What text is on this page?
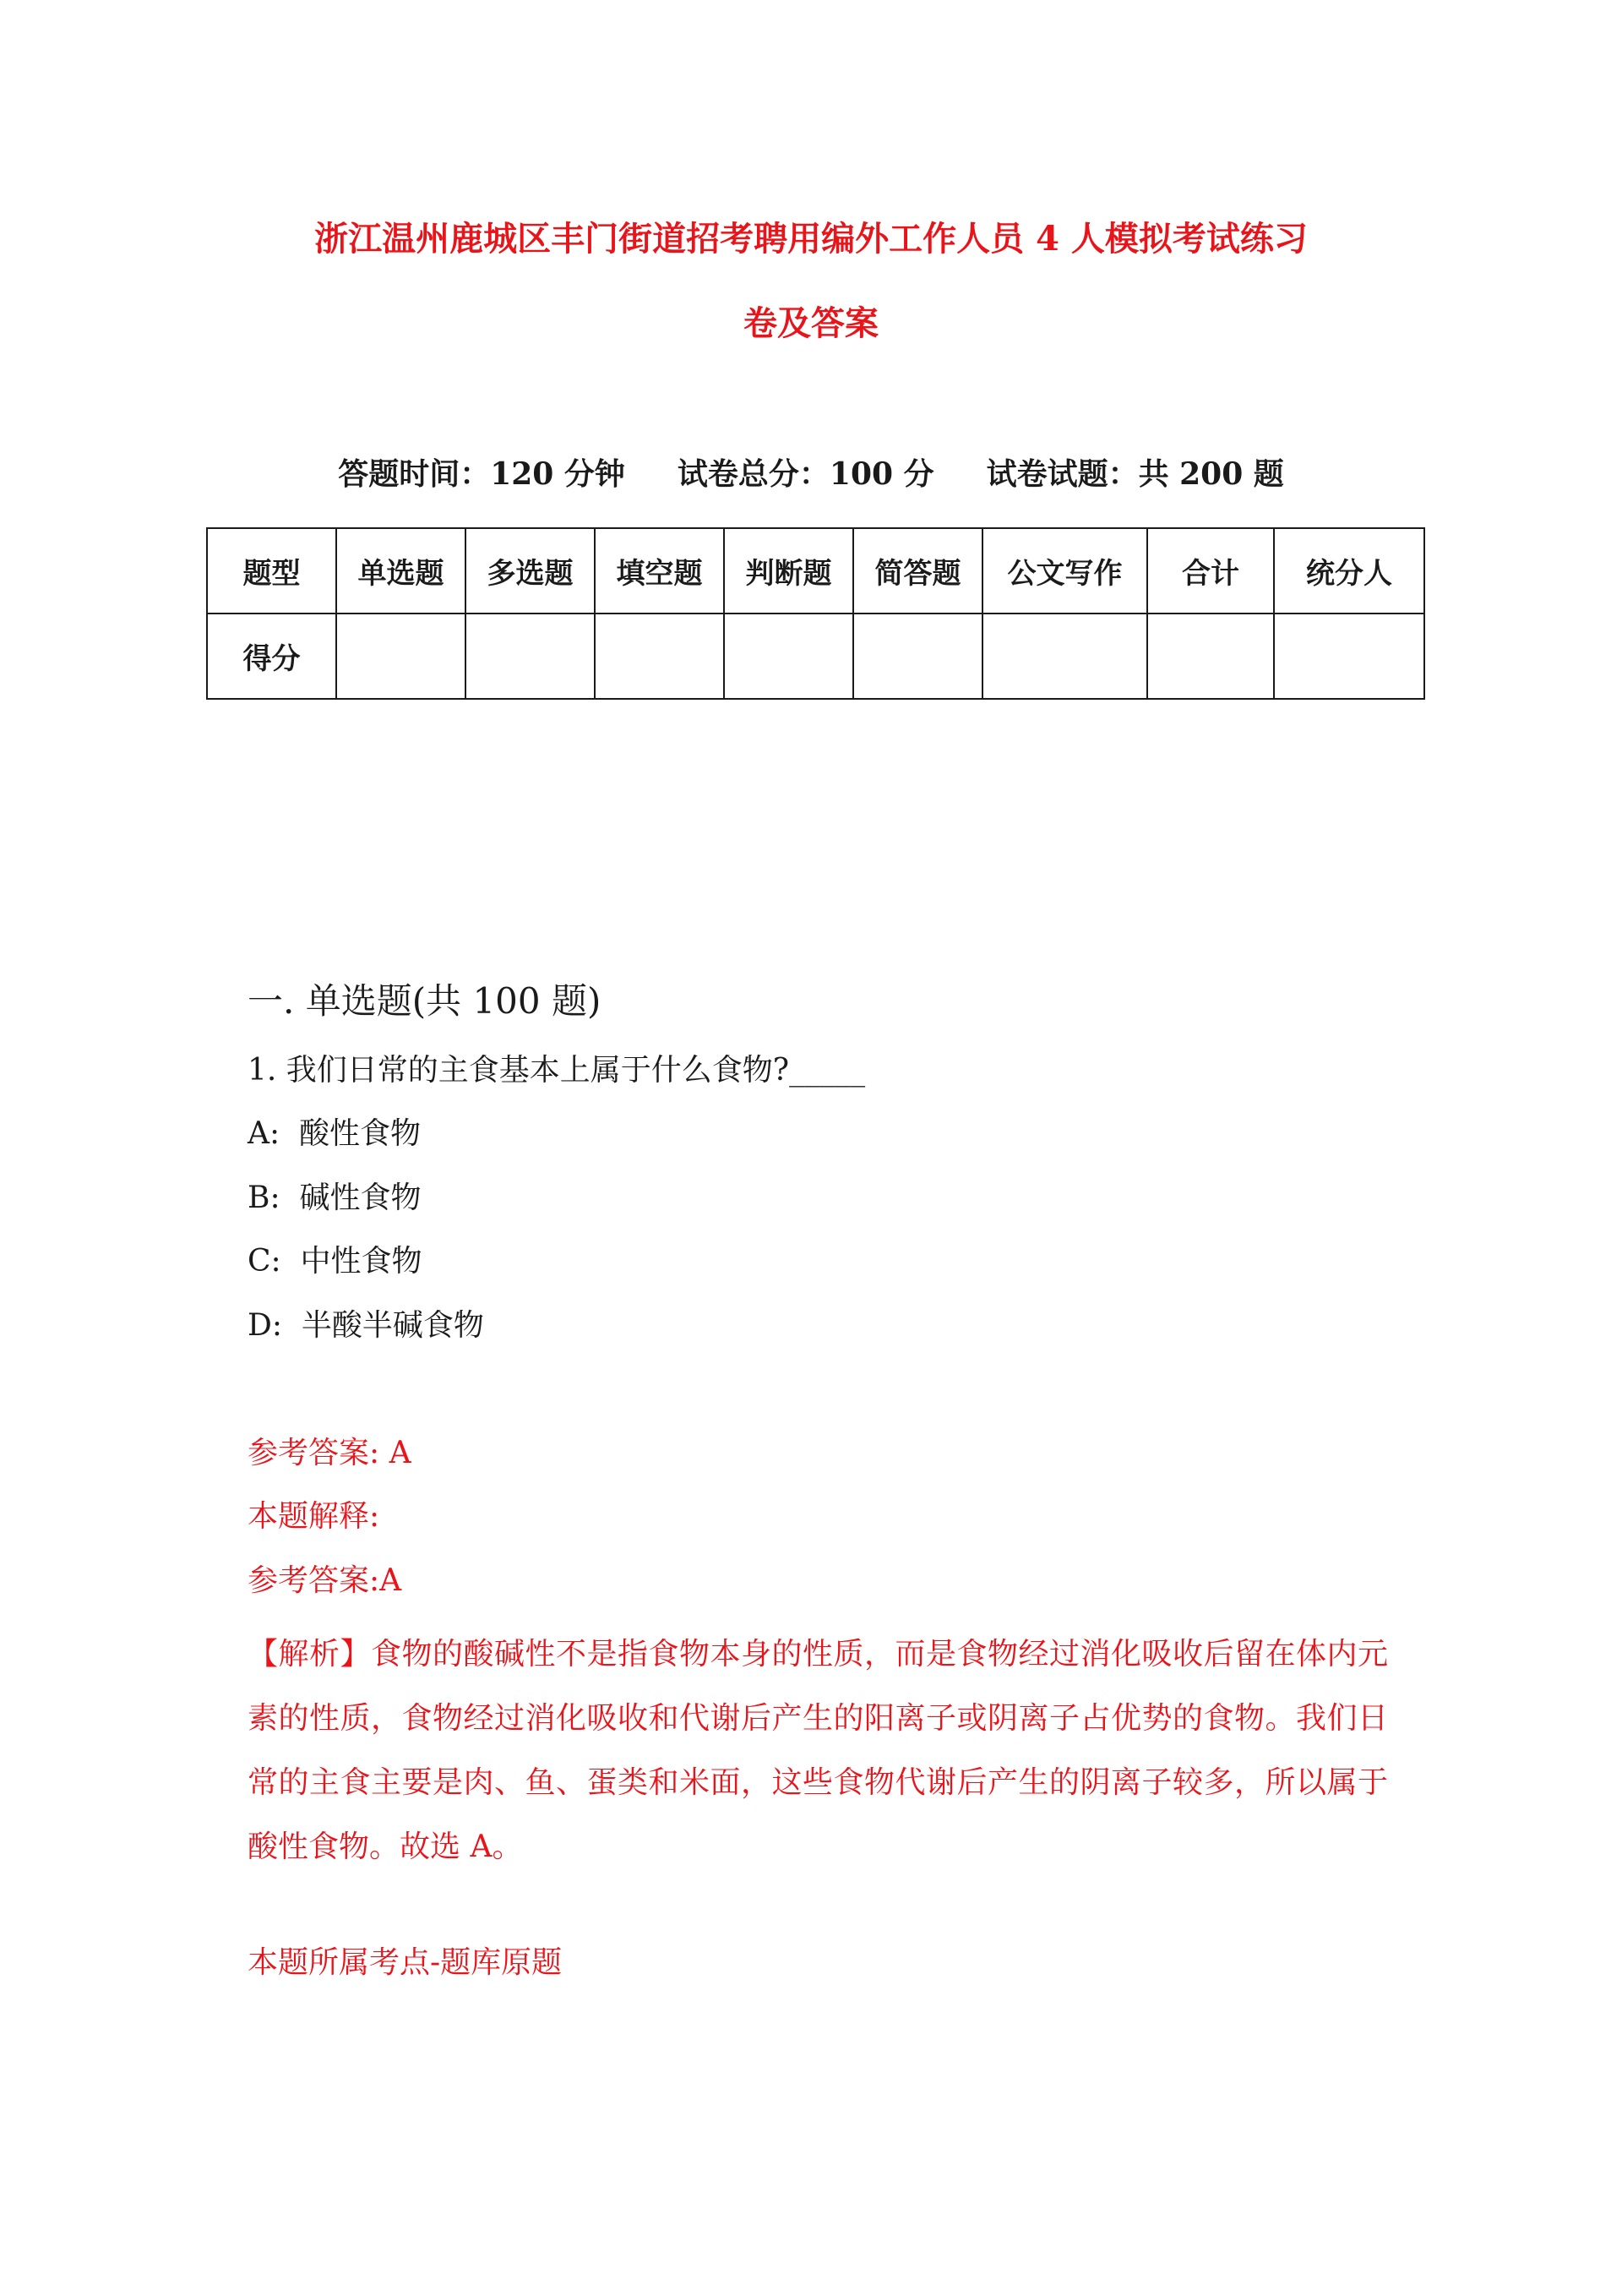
浙江温州鹿城区丰门街道招考聘用编外工作人员 4 人模拟考试练习
卷及答案
答题时间：120 分钟 试卷总分：100 分 试卷试题：共 200 题
题型	单选题	多选题	填空题	判断题	简答题	公文写作	合计	统分人
得分								
一. 单选题(共 100 题)

1. 我们日常的主食基本上属于什么食物?_____

A:  酸性食物

B:  碱性食物

C:  中性食物

D:  半酸半碱食物

参考答案: A

本题解释:

参考答案:A

【解析】食物的酸碱性不是指食物本身的性质，而是食物经过消化吸收后留在体内元素的性质，食物经过消化吸收和代谢后产生的阳离子或阴离子占优势的食物。我们日常的主食主要是肉、鱼、蛋类和米面，这些食物代谢后产生的阴离子较多，所以属于酸性食物。故选 A。

本题所属考点-题库原题
